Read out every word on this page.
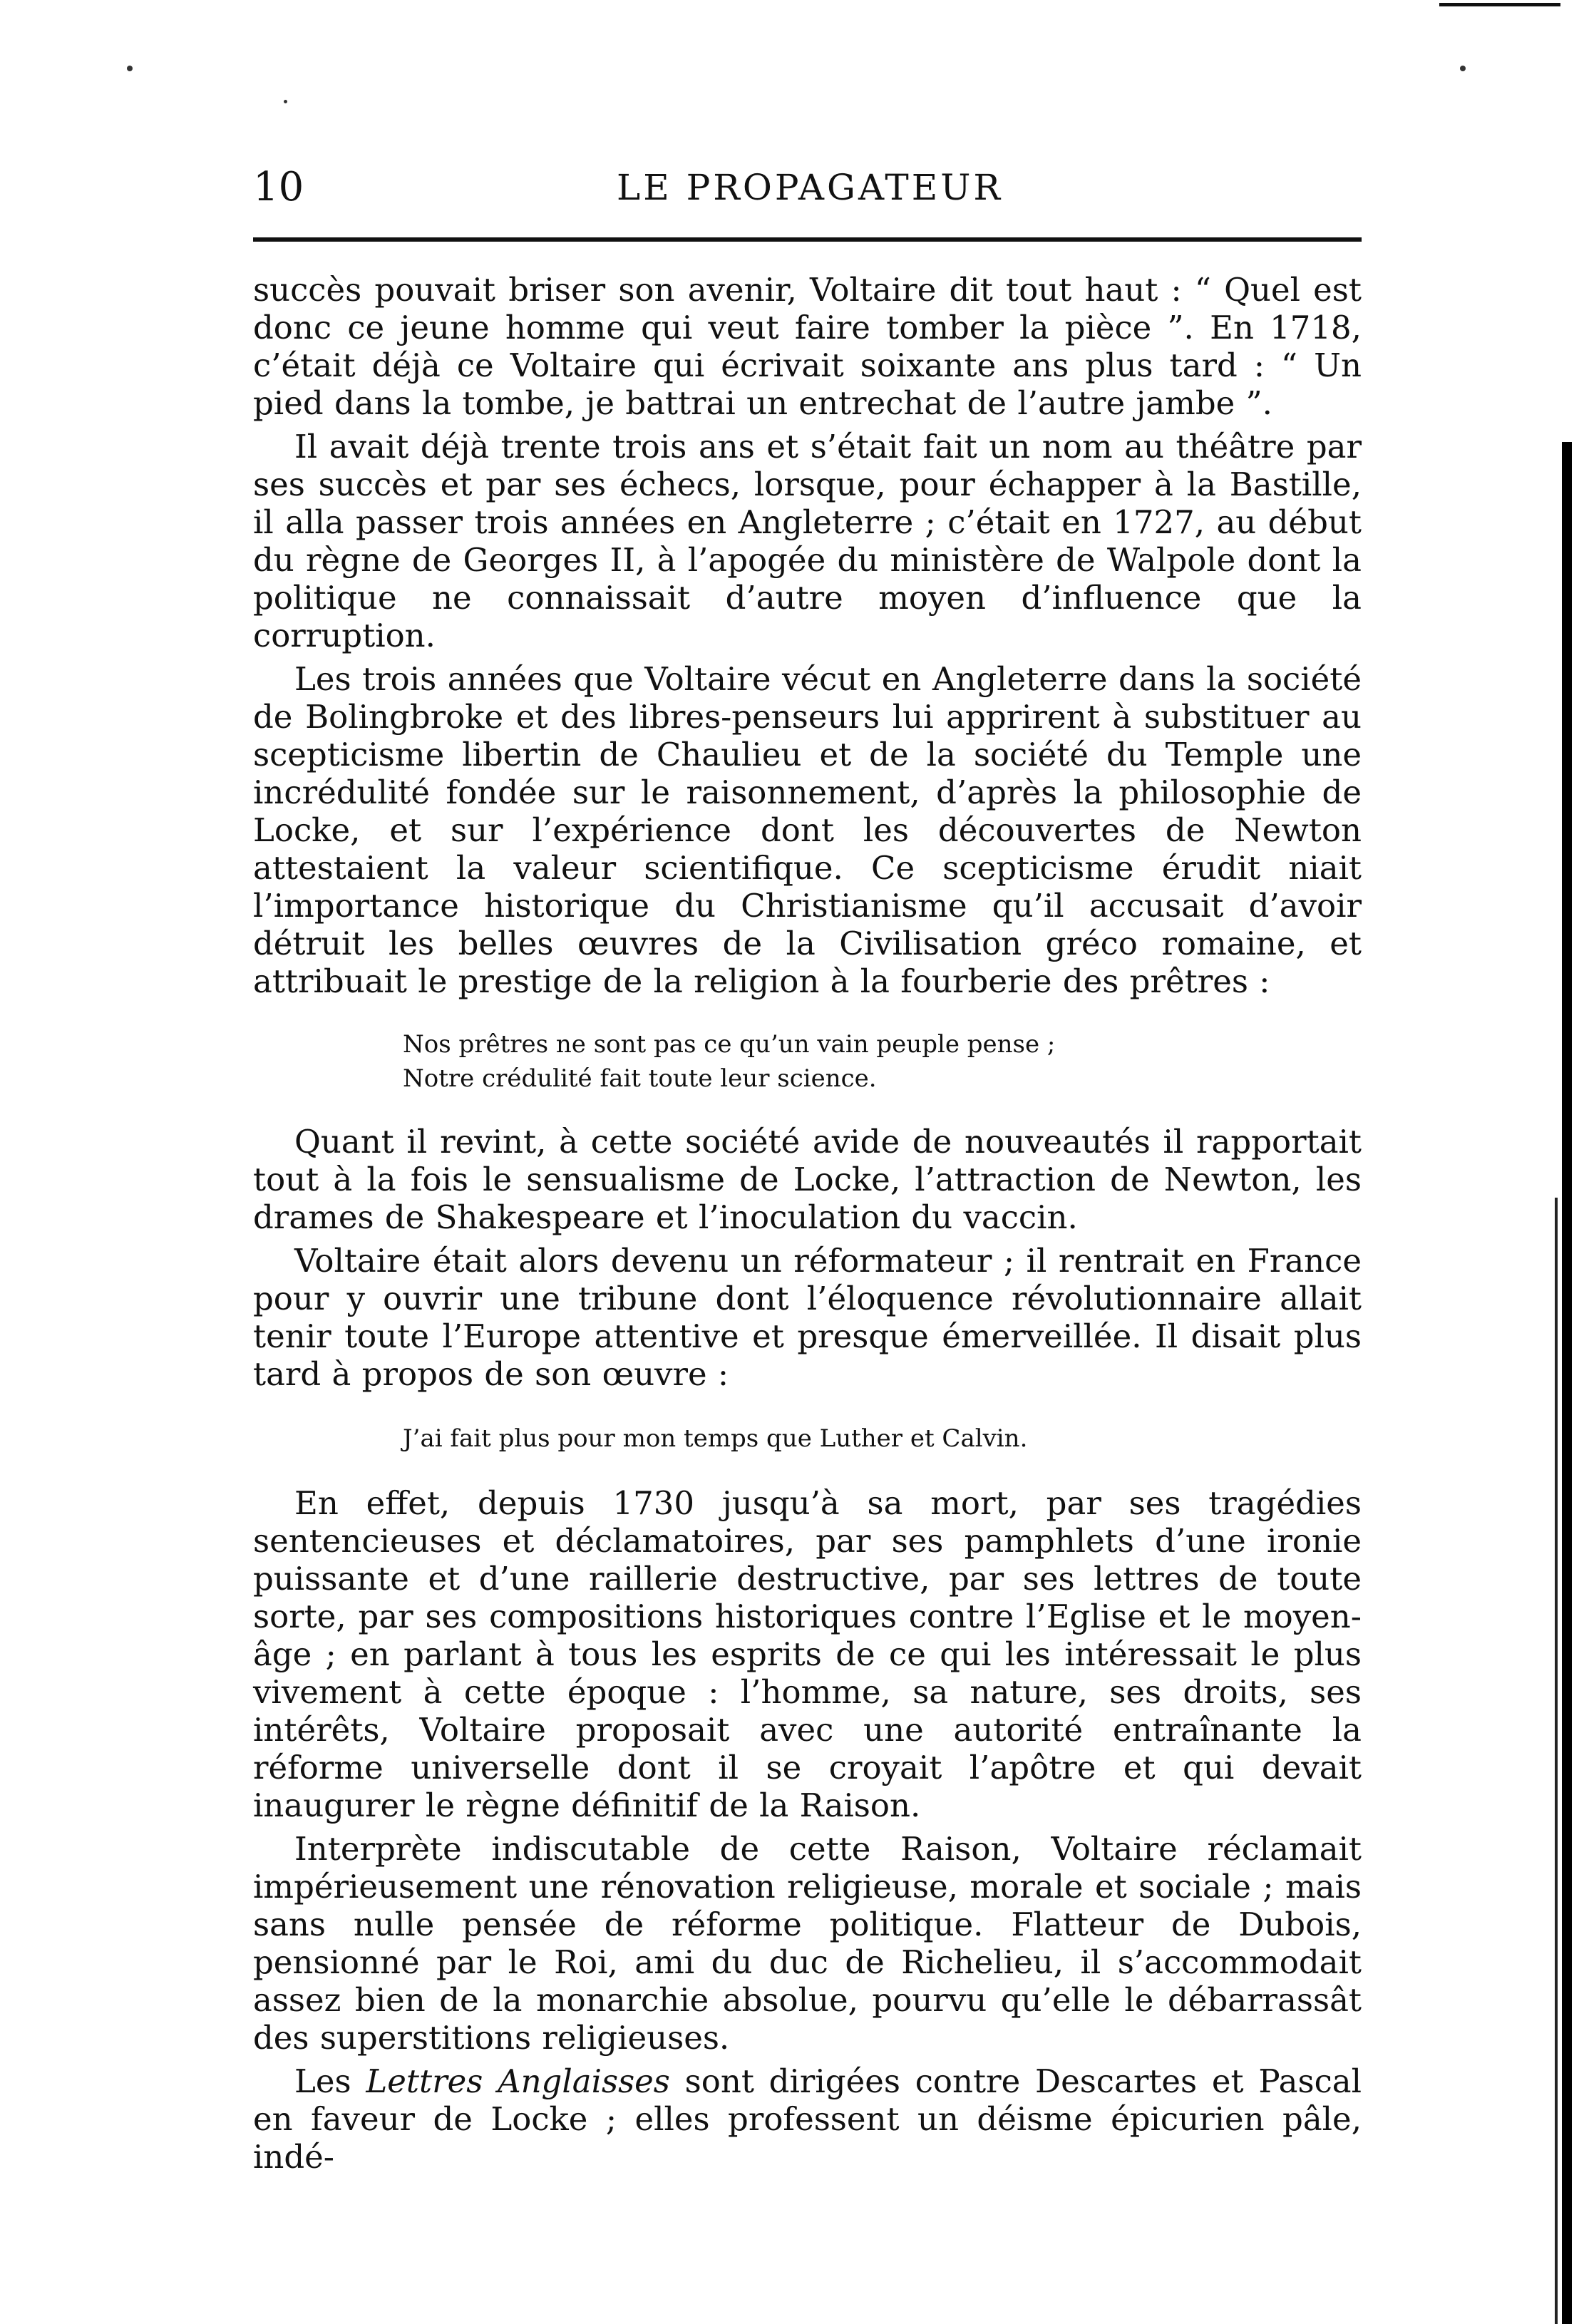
10	LE PROPAGATEUR

succès pouvait briser son avenir, Voltaire dit tout haut : “ Quel est donc ce jeune homme qui veut faire tomber la pièce ”. En 1718, c’était déjà ce Voltaire qui écrivait soixante ans plus tard : “ Un pied dans la tombe, je battrai un entrechat de l’autre jambe ”.

Il avait déjà trente trois ans et s’était fait un nom au théâtre par ses succès et par ses échecs, lorsque, pour échapper à la Bastille, il alla passer trois années en Angleterre ; c’était en 1727, au début du règne de Georges II, à l’apogée du ministère de Walpole dont la politique ne connaissait d’autre moyen d’influence que la corruption.

Les trois années que Voltaire vécut en Angleterre dans la société de Bolingbroke et des libres-penseurs lui apprirent à substituer au scepticisme libertin de Chaulieu et de la société du Temple une incrédulité fondée sur le raisonnement, d’après la philosophie de Locke, et sur l’expérience dont les découvertes de Newton attestaient la valeur scientifique. Ce scepticisme érudit niait l’importance historique du Christianisme qu’il accusait d’avoir détruit les belles œuvres de la Civilisation gréco romaine, et attribuait le prestige de la religion à la fourberie des prêtres :

Nos prêtres ne sont pas ce qu’un vain peuple pense ;
Notre crédulité fait toute leur science.

Quant il revint, à cette société avide de nouveautés il rapportait tout à la fois le sensualisme de Locke, l’attraction de Newton, les drames de Shakespeare et l’inoculation du vaccin.

Voltaire était alors devenu un réformateur ; il rentrait en France pour y ouvrir une tribune dont l’éloquence révolutionnaire allait tenir toute l’Europe attentive et presque émerveillée. Il disait plus tard à propos de son œuvre :

J’ai fait plus pour mon temps que Luther et Calvin.

En effet, depuis 1730 jusqu’à sa mort, par ses tragédies sentencieuses et déclamatoires, par ses pamphlets d’une ironie puissante et d’une raillerie destructive, par ses lettres de toute sorte, par ses compositions historiques contre l’Eglise et le moyen-âge ; en parlant à tous les esprits de ce qui les intéressait le plus vivement à cette époque : l’homme, sa nature, ses droits, ses intérêts, Voltaire proposait avec une autorité entraînante la réforme universelle dont il se croyait l’apôtre et qui devait inaugurer le règne définitif de la Raison.

Interprète indiscutable de cette Raison, Voltaire réclamait impérieusement une rénovation religieuse, morale et sociale ; mais sans nulle pensée de réforme politique. Flatteur de Dubois, pensionné par le Roi, ami du duc de Richelieu, il s’accommodait assez bien de la monarchie absolue, pourvu qu’elle le débarrassât des superstitions religieuses.

Les Lettres Anglaisses sont dirigées contre Descartes et Pascal en faveur de Locke ; elles professent un déisme épicurien pâle, indé-
